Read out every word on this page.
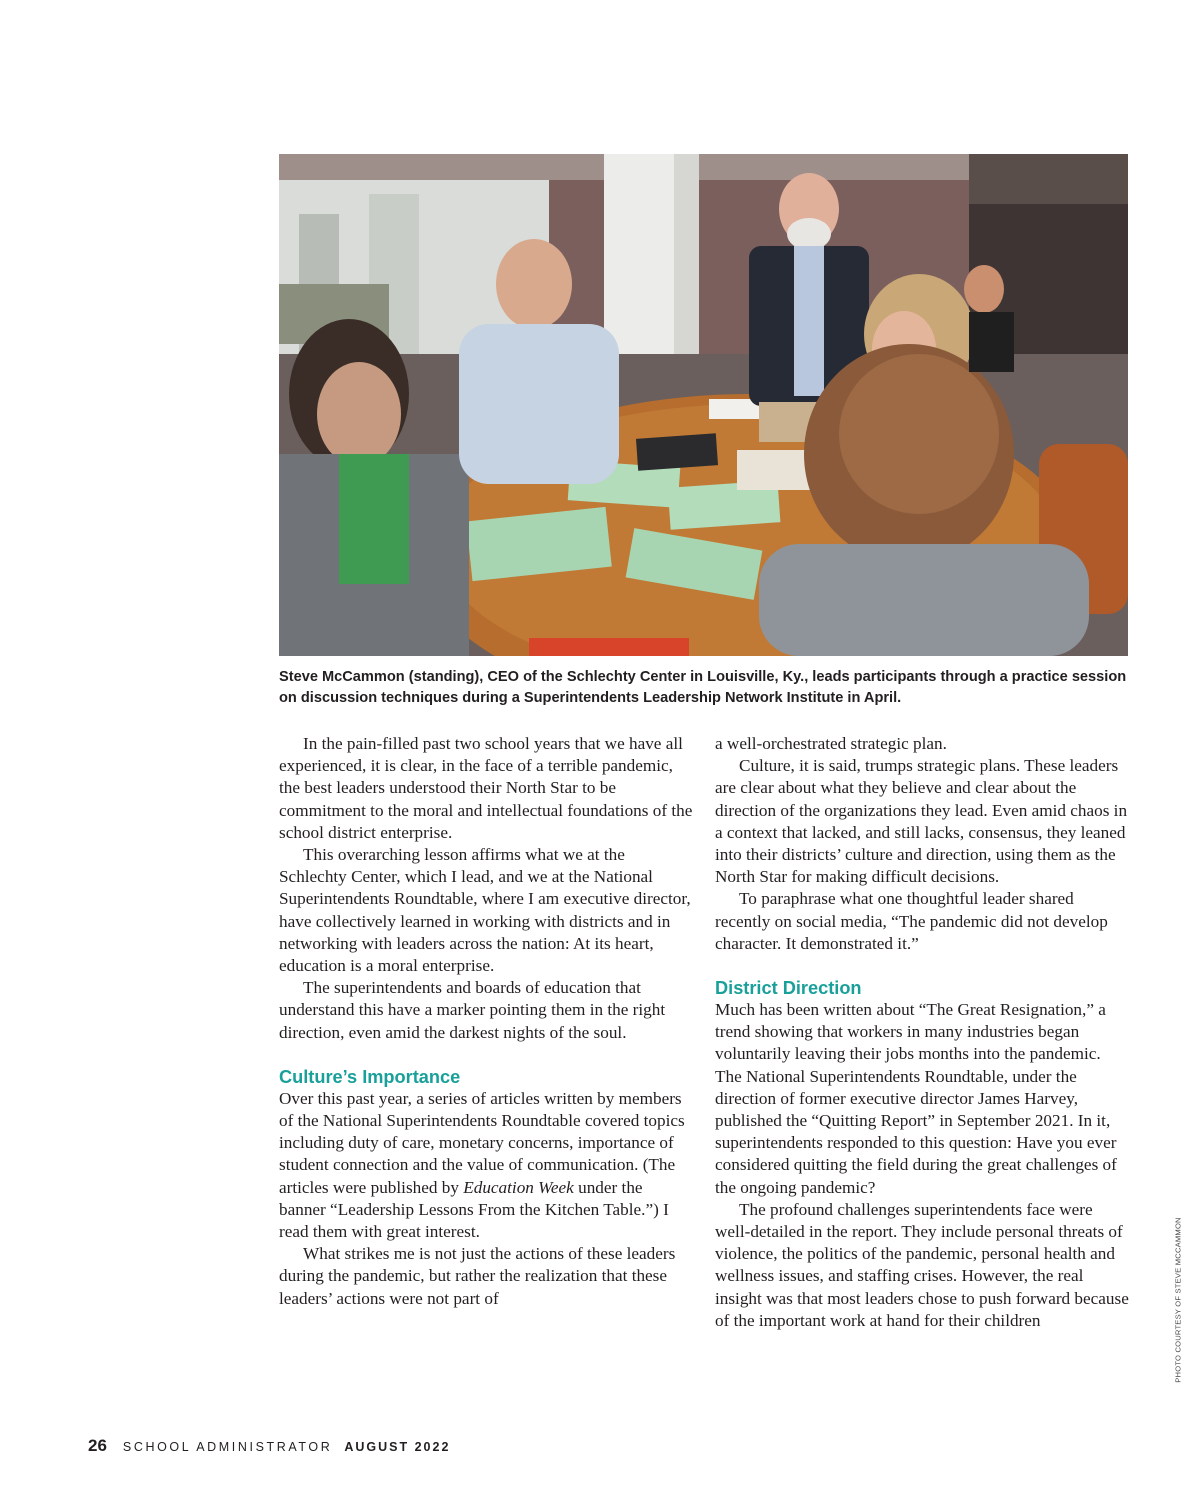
Steve McCammon (standing), CEO of the Schlechty Center in Louisville, Ky., leads participants through a practice session on discussion techniques during a Superintendents Leadership Network Institute in April.

In the pain-filled past two school years that we have all experienced, it is clear, in the face of a terrible pandemic, the best leaders understood their North Star to be commitment to the moral and intellectual foundations of the school district enterprise.

This overarching lesson affirms what we at the Schlechty Center, which I lead, and we at the National Superintendents Roundtable, where I am executive director, have collectively learned in working with districts and in networking with leaders across the nation: At its heart, education is a moral enterprise.

The superintendents and boards of education that understand this have a marker pointing them in the right direction, even amid the darkest nights of the soul.

Culture’s Importance

Over this past year, a series of articles written by members of the National Superintendents Roundtable covered topics including duty of care, monetary concerns, importance of student connection and the value of communication. (The articles were published by Education Week under the banner “Leadership Lessons From the Kitchen Table.”) I read them with great interest.

What strikes me is not just the actions of these leaders during the pandemic, but rather the realization that these leaders’ actions were not part of

a well-orchestrated strategic plan.

Culture, it is said, trumps strategic plans. These leaders are clear about what they believe and clear about the direction of the organizations they lead. Even amid chaos in a context that lacked, and still lacks, consensus, they leaned into their districts’ culture and direction, using them as the North Star for making difficult decisions.

To paraphrase what one thoughtful leader shared recently on social media, “The pandemic did not develop character. It demonstrated it.”

District Direction

Much has been written about “The Great Resignation,” a trend showing that workers in many industries began voluntarily leaving their jobs months into the pandemic. The National Superintendents Roundtable, under the direction of former executive director James Harvey, published the “Quitting Report” in September 2021. In it, superintendents responded to this question: Have you ever considered quitting the field during the great challenges of the ongoing pandemic?

The profound challenges superintendents face were well-detailed in the report. They include personal threats of violence, the politics of the pandemic, personal health and wellness issues, and staffing crises. However, the real insight was that most leaders chose to push forward because of the important work at hand for their children	PHOTO COURTESY OF STEVE MCCAMMON
26 SCHOOL ADMINISTRATOR AUGUST 2022
